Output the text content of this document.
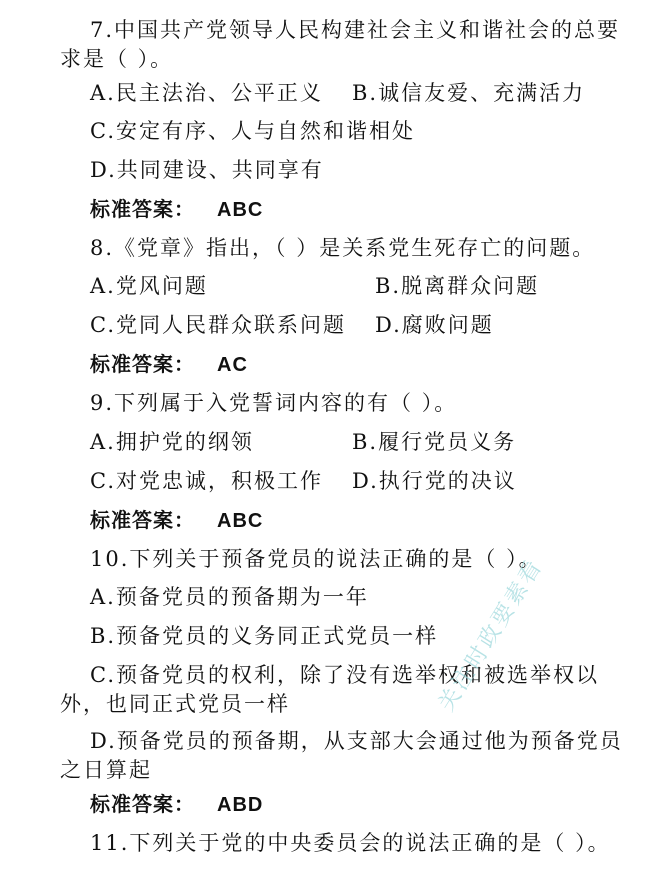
7.中国共产党领导人民构建社会主义和谐社会的总要
求是（ ）。
A.民主法治、公平正义 B.诚信友爱、充满活力
C.安定有序、人与自然和谐相处
D.共同建设、共同享有
标准答案： ABC
8.《党章》指出，（ ）是关系党生死存亡的问题。
A.党风问题	B.脱离群众问题
C.党同人民群众联系问题 D.腐败问题
标准答案： AC
9.下列属于入党誓词内容的有（ ）。
A.拥护党的纲领	B.履行党员义务
C.对党忠诚，积极工作 D.执行党的决议
标准答案： ABC
10.下列关于预备党员的说法正确的是（ ）。
A.预备党员的预备期为一年
B.预备党员的义务同正式党员一样
C.预备党员的权利，除了没有选举权和被选举权以
外，也同正式党员一样
D.预备党员的预备期，从支部大会通过他为预备党员
之日算起
标准答案： ABD
11.下列关于党的中央委员会的说法正确的是（ ）。
关注时政要素看
